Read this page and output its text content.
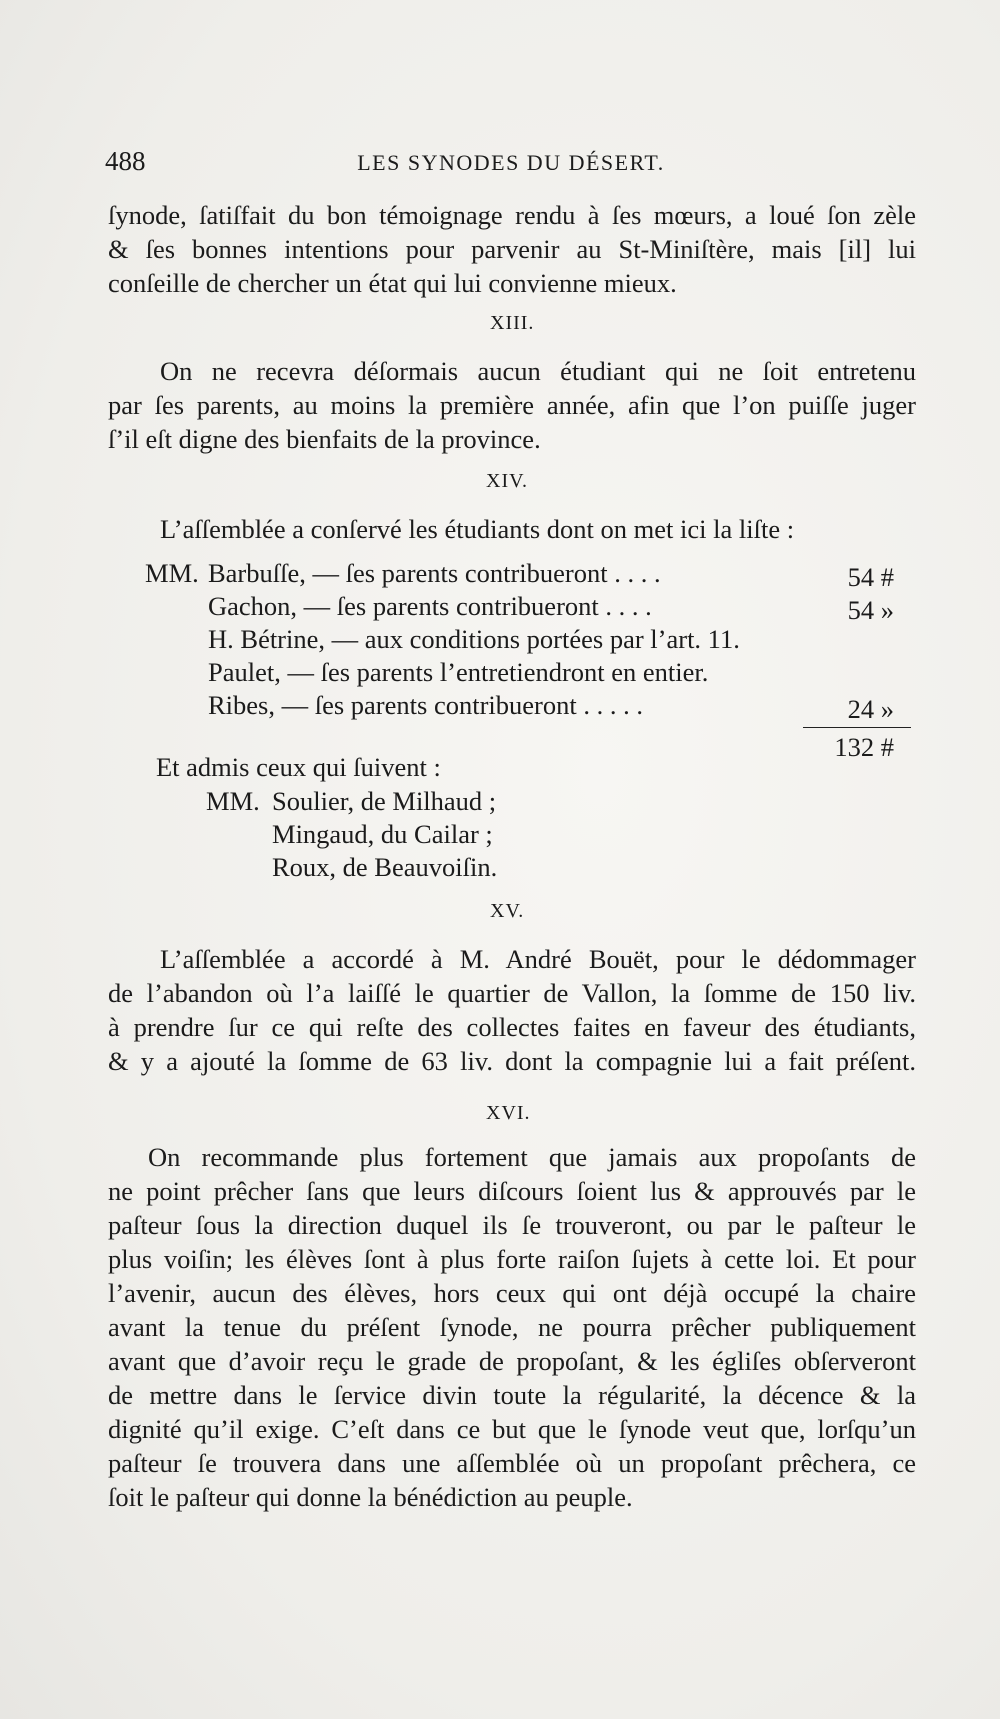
488	LES SYNODES DU DÉSERT.
ſynode, ſatiſfait du bon témoignage rendu à ſes mœurs, a loué ſon zèle
& ſes bonnes intentions pour parvenir au St-Miniſtère, mais [il] lui
conſeille de chercher un état qui lui convienne mieux.
XIII.
On ne recevra déſormais aucun étudiant qui ne ſoit entretenu
par ſes parents, au moins la première année, afin que l’on puiſſe juger
ſ’il eſt digne des bienfaits de la province.
XIV.
L’aſſemblée a conſervé les étudiants dont on met ici la liſte :
MM. Barbuſſe, — ſes parents contribueront . . . .	54 #
Gachon, — ſes parents contribueront . . . .	54 »
H. Bétrine, — aux conditions portées par l’art. 11.
Paulet, — ſes parents l’entretiendront en entier.
Ribes, — ſes parents contribueront . . . . .	24 »
132 #
Et admis ceux qui ſuivent :
MM. Soulier, de Milhaud ;
Mingaud, du Cailar ;
Roux, de Beauvoiſin.
XV.
L’aſſemblée a accordé à M. André Bouët, pour le dédommager
de l’abandon où l’a laiſſé le quartier de Vallon, la ſomme de 150 liv.
à prendre ſur ce qui reſte des collectes faites en faveur des étudiants,
& y a ajouté la ſomme de 63 liv. dont la compagnie lui a fait préſent.
XVI.
On recommande plus fortement que jamais aux propoſants de
ne point prêcher ſans que leurs diſcours ſoient lus & approuvés par le
paſteur ſous la direction duquel ils ſe trouveront, ou par le paſteur le
plus voiſin; les élèves ſont à plus forte raiſon ſujets à cette loi. Et pour
l’avenir, aucun des élèves, hors ceux qui ont déjà occupé la chaire
avant la tenue du préſent ſynode, ne pourra prêcher publiquement
avant que d’avoir reçu le grade de propoſant, & les égliſes obſerveront
de mettre dans le ſervice divin toute la régularité, la décence & la
dignité qu’il exige. C’eſt dans ce but que le ſynode veut que, lorſqu’un
paſteur ſe trouvera dans une aſſemblée où un propoſant prêchera, ce
ſoit le paſteur qui donne la bénédiction au peuple.
